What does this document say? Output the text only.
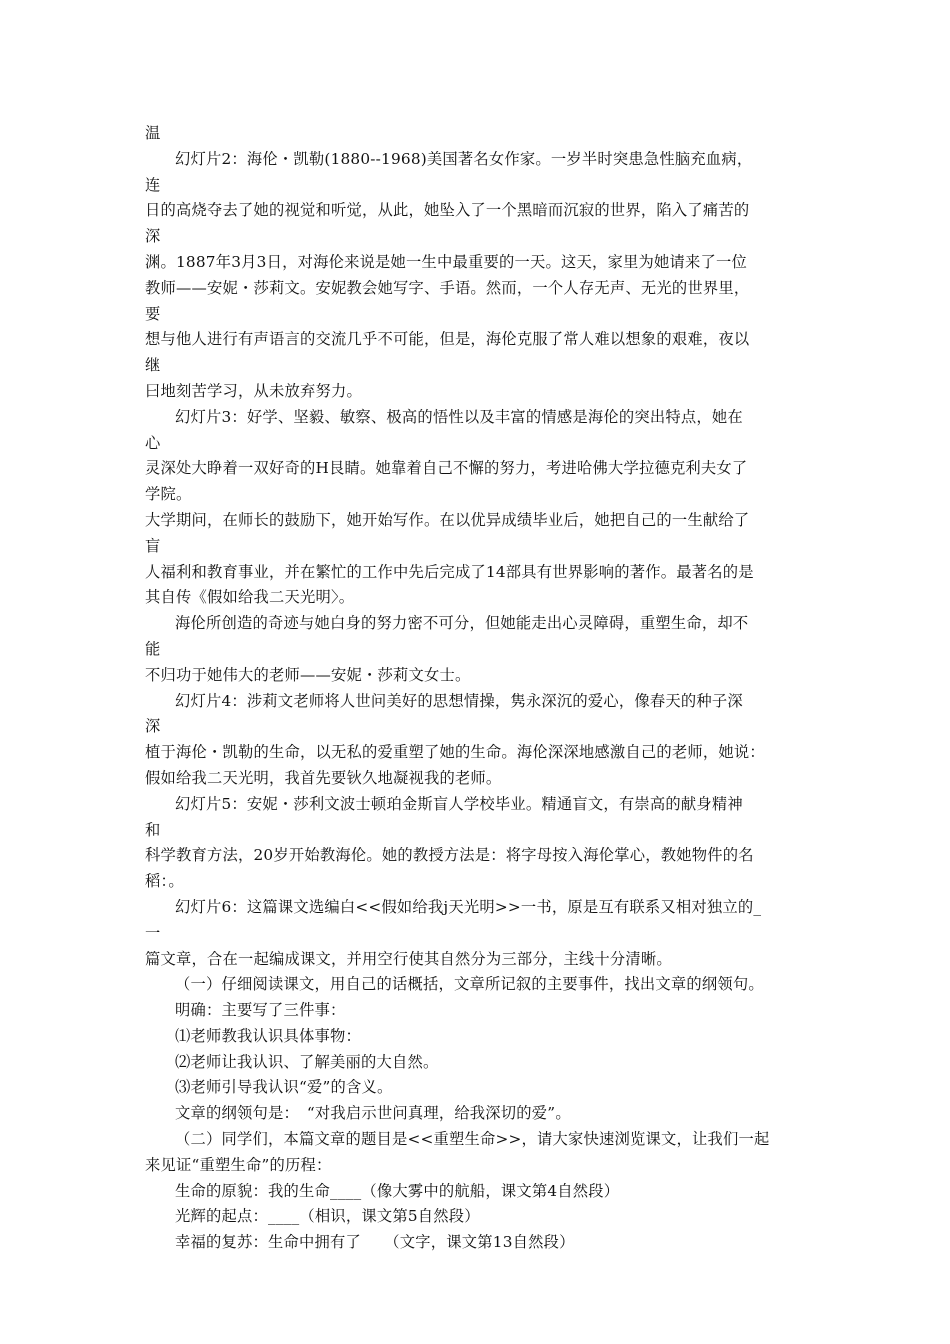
温

幻灯片2：海伦・凯勒(1880--1968)美国著名女作家。一岁半时突患急性脑充血病，

连

日的高烧夺去了她的视觉和听觉，从此，她坠入了一个黑暗而沉寂的世界，陷入了痛苦的

深

渊。1887年3月3日，对海伦来说是她一生中最重要的一天。这天，家里为她请来了一位

教师——安妮・莎莉文。安妮教会她写字、手语。然而，一个人存无声、无光的世界里，

要

想与他人进行有声语言的交流几乎不可能，但是，海伦克服了常人难以想象的艰难，夜以

继

曰地刻苦学习，从未放弃努力。

幻灯片3：好学、坚毅、敏察、极高的悟性以及丰富的情感是海伦的突出特点，她在

心

灵深处大睁着一双好奇的H艮睛。她靠着自己不懈的努力，考进哈佛大学拉德克利夫女了

学院。

大学期问，在师长的鼓励下，她开始写作。在以优异成绩毕业后，她把自己的一生献给了

盲

人福利和教育事业，并在繁忙的工作中先后完成了14部具有世界影响的著作。最著名的是

其自传《假如给我二天光明〉。

海伦所创造的奇迹与她白身的努力密不可分，但她能走出心灵障碍，重塑生命，却不

能

不归功于她伟大的老师——安妮・莎莉文女士。

幻灯片4：涉莉文老师将人世问美好的思想情操，隽永深沉的爱心，像春天的种子深

深

植于海伦・凯勒的生命，以无私的爱重塑了她的生命。海伦深深地感激自己的老师，她说：

假如给我二天光明，我首先要钬久地凝视我的老师。

幻灯片5：安妮・莎利文波士顿珀金斯盲人学校毕业。精通盲文，有崇高的献身精神

和

科学教育方法，20岁开始教海伦。她的教授方法是：将字母按入海伦掌心，教她物件的名

稻：。

幻灯片6：这篇课文选编白<<假如给我j天光明>>一书，原是互有联系又相对独立的_

一

篇文章，合在一起编成课文，并用空行使其自然分为三部分，主线十分清晰。

（一）仔细阅读课文，用自己的话概括，文章所记叙的主要事件，找出文章的纲领句。

明确：主要写了三件事：

⑴老师教我认识具体事物：

⑵老师让我认识、了解美丽的大自然。

⑶老师引导我认识“爱”的含义。

文章的纲领句是：　“对我启示世问真理，给我深切的爱”。

（二）同学们，本篇文章的题目是<<重塑生命>>，请大家快速浏览课文，让我们一起

来见证“重塑生命”的历程：

生命的原貌：我的生命____（像大雾中的航船，课文第4自然段）

光辉的起点：____（相识，课文第5自然段）

幸福的复苏：生命中拥有了　　（文字，课文第13自然段）
